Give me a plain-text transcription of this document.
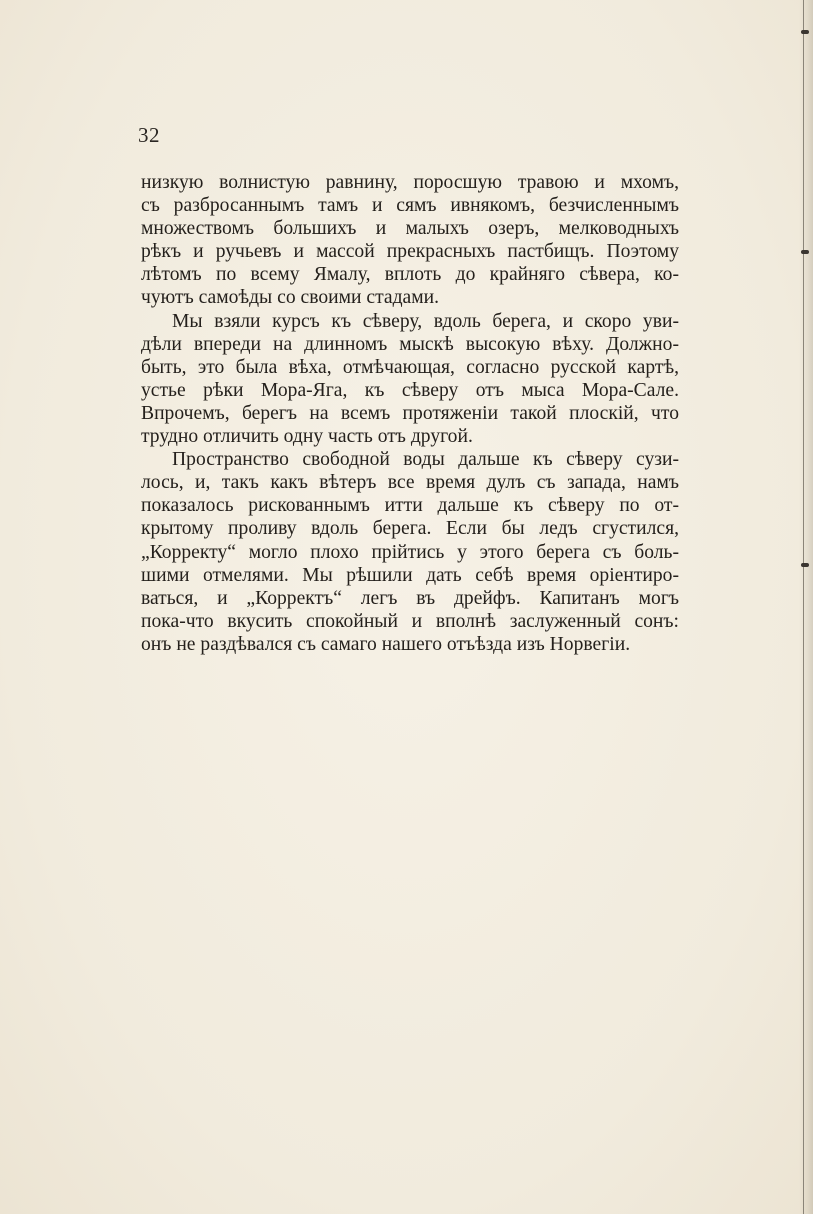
32
низкую волнистую равнину, поросшую травою и мхомъ,
съ разбросаннымъ тамъ и сямъ ивнякомъ, безчисленнымъ
множествомъ большихъ и малыхъ озеръ, мелководныхъ
рѣкъ и ручьевъ и массой прекрасныхъ пастбищъ. Поэтому
лѣтомъ по всему Ямалу, вплоть до крайняго сѣвера, ко-
чуютъ самоѣды со своими стадами.
Мы взяли курсъ къ сѣверу, вдоль берега, и скоро уви-
дѣли впереди на длинномъ мыскѣ высокую вѣху. Должно-
быть, это была вѣха, отмѣчающая, согласно русской картѣ,
устье рѣки Мора-Яга, къ сѣверу отъ мыса Мора-Сале.
Впрочемъ, берегъ на всемъ протяженіи такой плоскій, что
трудно отличить одну часть отъ другой.
Пространство свободной воды дальше къ сѣверу сузи-
лось, и, такъ какъ вѣтеръ все время дулъ съ запада, намъ
показалось рискованнымъ итти дальше къ сѣверу по от-
крытому проливу вдоль берега. Если бы ледъ сгустился,
„Корректу“ могло плохо прійтись у этого берега съ боль-
шими отмелями. Мы рѣшили дать себѣ время оріентиро-
ваться, и „Корректъ“ легъ въ дрейфъ. Капитанъ могъ
пока-что вкусить спокойный и вполнѣ заслуженный сонъ:
онъ не раздѣвался съ самаго нашего отъѣзда изъ Норвегіи.
